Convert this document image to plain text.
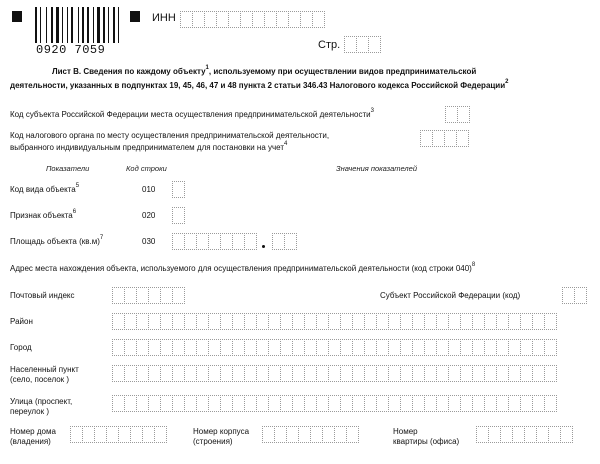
0920 7059
ИНН
Стр.
Лист В. Сведения по каждому объекту$^1$, используемому при осуществлении видов предпринимательской
деятельности, указанных в подпунктах 19, 45, 46, 47 и 48 пункта 2 статьи 346.43 Налогового кодекса Российской Федерации$^2$
Код субъекта Российской Федерации места осуществления предпринимательской деятельности$^3$
Код налогового органа по месту осуществления предпринимательской деятельности,
выбранного индивидуальным предпринимателем для постановки на учет$^4$
Показатели	Код строки	Значения показателей
Код вида объекта$^5$	010
Признак объекта$^6$	020
Площадь объекта $(кв.м)^7$	030
Адрес места нахождения объекта, используемого для осуществления предпринимательской деятельности (код строки 040)$^8$
Почтовый индекс	Субъект Российской Федерации (код)
Район
Город
Населенный пункт
(село, поселок )
Улица (проспект,
переулок )
Номер дома
(владения)
Номер корпуса
(строения)
Номер
квартиры (офиса)
